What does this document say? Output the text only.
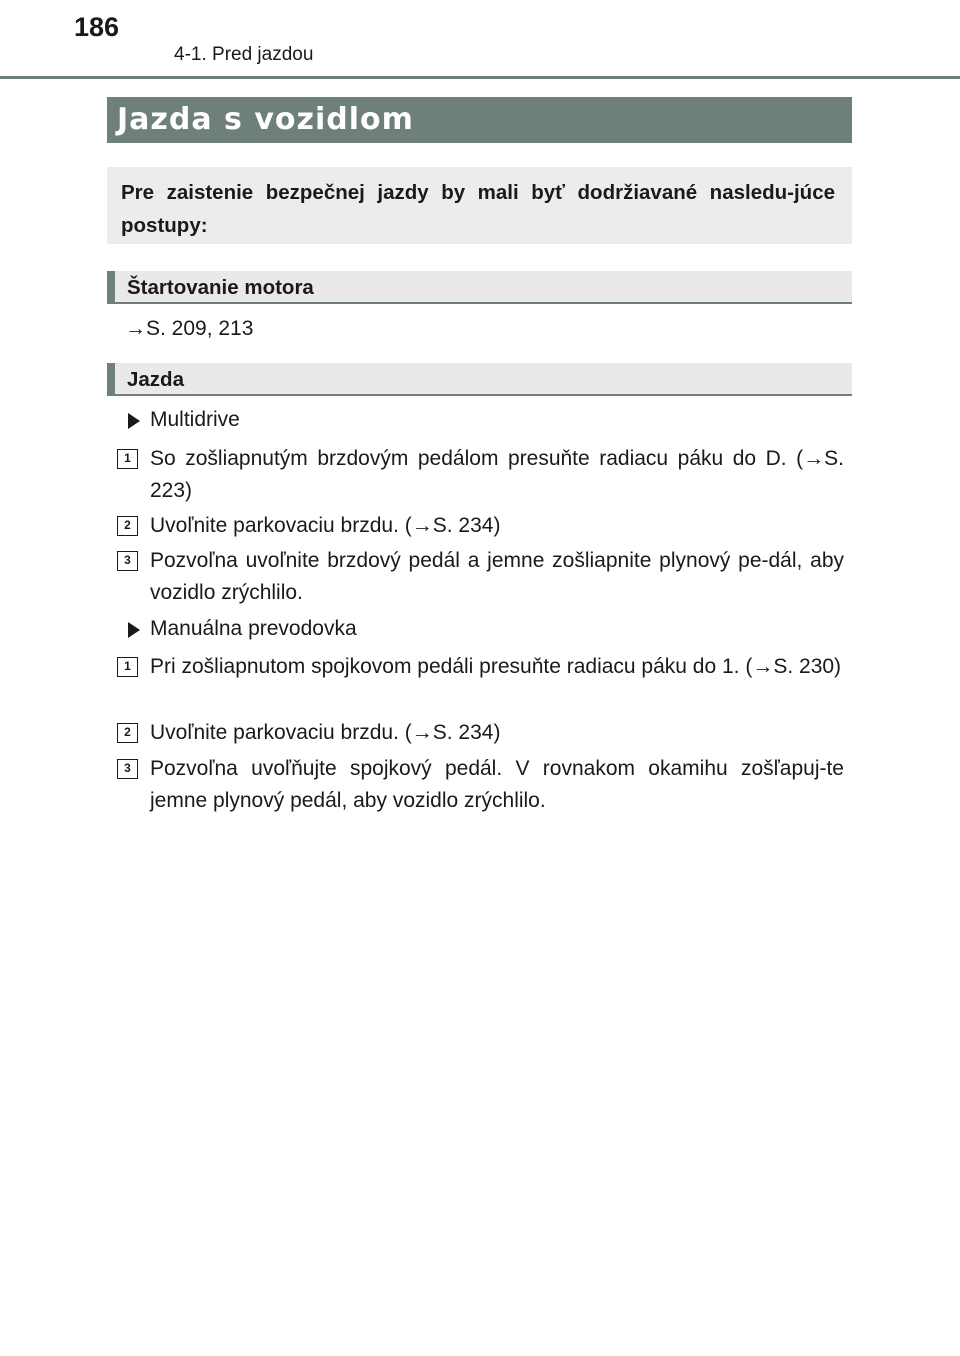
186
4-1. Pred jazdou
Jazda s vozidlom
Pre zaistenie bezpečnej jazdy by mali byť dodržiavané nasledu-júce postupy:
Štartovanie motora
→S. 209, 213
Jazda
Multidrive
1 So zošliapnutým brzdovým pedálom presuňte radiacu páku do D. (→S. 223)
2 Uvoľnite parkovaciu brzdu. (→S. 234)
3 Pozvoľna uvoľnite brzdový pedál a jemne zošliapnite plynový pe-dál, aby vozidlo zrýchlilo.
Manuálna prevodovka
1 Pri zošliapnutom spojkovom pedáli presuňte radiacu páku do 1. (→S. 230)
2 Uvoľnite parkovaciu brzdu. (→S. 234)
3 Pozvoľna uvoľňujte spojkový pedál. V rovnakom okamihu zošľapuj-te jemne plynový pedál, aby vozidlo zrýchlilo.
